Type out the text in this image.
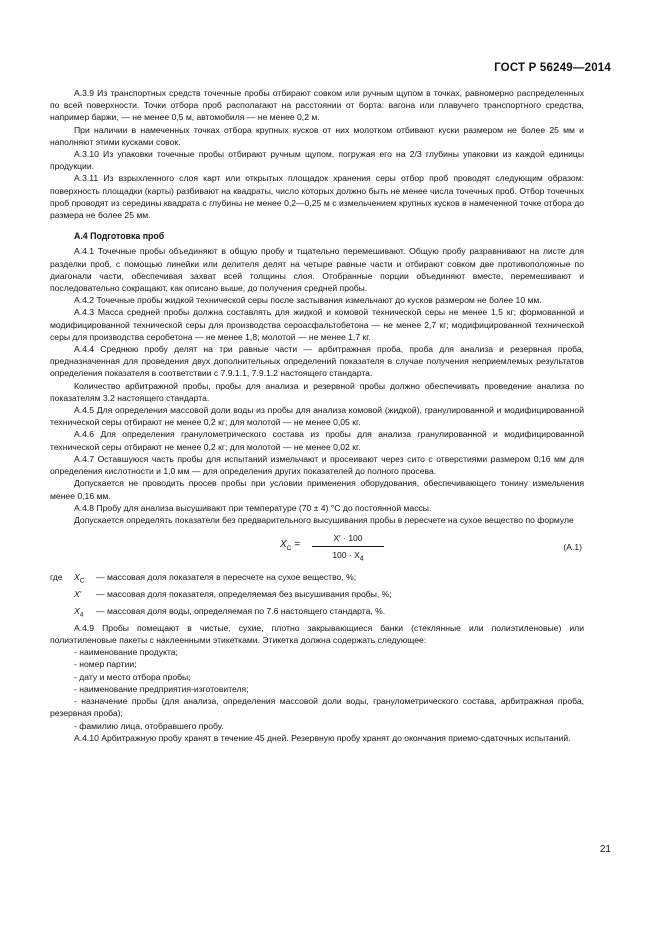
ГОСТ Р 56249—2014

А.3.9 Из транспортных средств точечные пробы отбирают совком или ручным щупом в точках, равномерно распределенных по всей поверхности. Точки отбора проб располагают на расстоянии от борта: вагона или плавучего транспортного средства, например баржи, — не менее 0,5 м, автомобиля — не менее 0,2 м.

При наличии в намеченных точках отбора крупных кусков от них молотком отбивают куски размером не более 25 мм и наполняют этими кусками совок.

А.3.10 Из упаковки точечные пробы отбирают ручным щупом, погружая его на 2/3 глубины упаковки из каждой единицы продукции.

А.3.11 Из взрыхленного слоя карт или открытых площадок хранения серы отбор проб проводят следующим образом: поверхность площадки (карты) разбивают на квадраты, число которых должно быть не менее числа точечных проб. Отбор точечных проб проводят из середины квадрата с глубины не менее 0,2—0,25 м с измельчением крупных кусков в намеченной точке отбора до размера не более 25 мм.

А.4 Подготовка проб

А.4.1 Точечные пробы объединяют в общую пробу и тщательно перемешивают. Общую пробу разравнивают на листе для разделки проб, с помощью линейки или делителя делят на четыре равные части и отбирают совком две противоположные по диагонали части, обеспечивая захват всей толщины слоя. Отобранные порции объединяют вместе, перемешивают и последовательно сокращают, как описано выше, до получения средней пробы.

А.4.2 Точечные пробы жидкой технической серы после застывания измельчают до кусков размером не более 10 мм.

А.4.3 Масса средней пробы должна составлять для жидкой и комовой технической серы не менее 1,5 кг; формованной и модифицированной технической серы для производства сероасфальтобетона — не менее 2,7 кг; модифицированной технической серы для производства серобетона — не менее 1,8; молотой — не менее 1,7 кг.

А.4.4 Среднюю пробу делят на три равные части — арбитражная проба, проба для анализа и резервная проба, предназначенная для проведения двух дополнительных определений показателя в случае получения неприемлемых результатов определения показателя в соответствии с 7.9.1.1, 7.9.1.2 настоящего стандарта.

Количество арбитражной пробы, пробы для анализа и резервной пробы должно обеспечивать проведение анализа по показателям 3.2 настоящего стандарта.

А.4.5 Для определения массовой доли воды из пробы для анализа комовой (жидкой), гранулированной и модифицированной технической серы отбирают не менее 0,2 кг; для молотой — не менее 0,05 кг.

А.4.6 Для определения гранулометрического состава из пробы для анализа гранулированной и модифицированной технической серы отбирают не менее 0,2 кг; для молотой — не менее 0,02 кг.

А.4.7 Оставшуюся часть пробы для испытаний измельчают и просеивают через сито с отверстиями размером 0,16 мм для определения кислотности и 1,0 мм — для определения других показателей до полного просева.

Допускается не проводить просев пробы при условии применения оборудования, обеспечивающего тонину измельчения менее 0,16 мм.

А.4.8 Пробу для анализа высушивают при температуре (70 ± 4) °С до постоянной массы.

Допускается определять показатели без предварительного высушивания пробы в пересчете на сухое вещество по формуле

$X_C = \frac{X' \cdot 100}{100 \cdot X_4}$	(А.1)
где	$X_C$	— массовая доля показателя в пересчете на сухое вещество, %;
X′	— массовая доля показателя, определяемая без высушивания пробы, %;
$X_4$	— массовая доля воды, определяемая по 7.6 настоящего стандарта, %.

А.4.9 Пробы помещают в чистые, сухие, плотно закрывающиеся банки (стеклянные или полиэтиленовые) или полиэтиленовые пакеты с наклеенными этикетками. Этикетка должна содержать следующее:

- наименование продукта;

- номер партии;

- дату и место отбора пробы;

- наименование предприятия-изготовителя;

- назначение пробы (для анализа, определения массовой доли воды, гранулометрического состава, арбитражная проба, резервная проба);

- фамилию лица, отобравшего пробу.

А.4.10 Арбитражную пробу хранят в течение 45 дней. Резервную пробу хранят до окончания приемо-сдаточных испытаний.

21
